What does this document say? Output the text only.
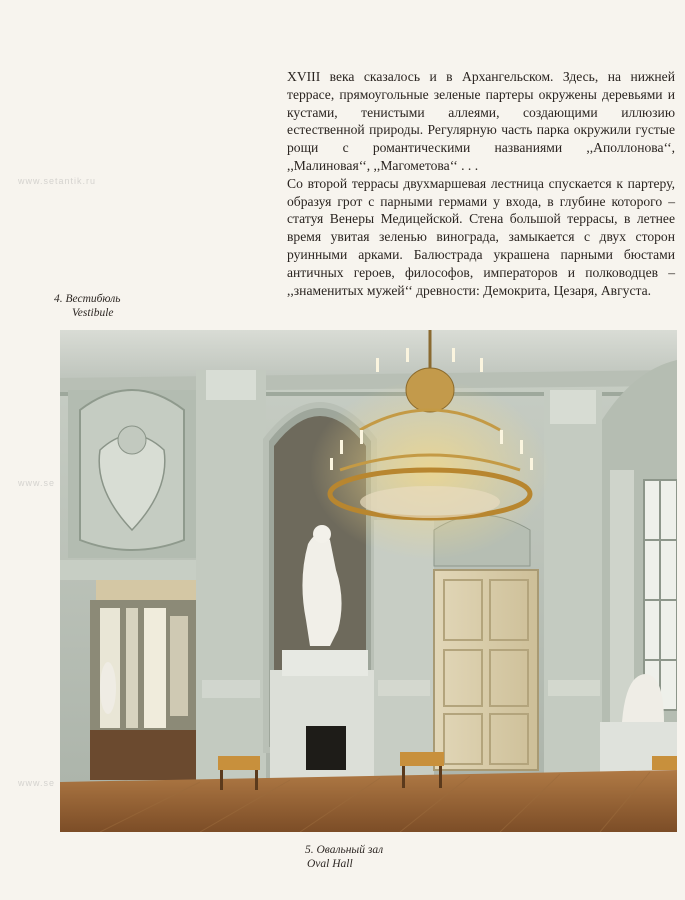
www.setantik.ru
www.se
www.se

XVIII века сказалось и в Архангельском. Здесь, на нижней террасе, прямоугольные зеленые партеры окружены деревьями и кустами, тенистыми аллеями, создающими иллюзию естественной природы. Регулярную часть парка окружили густые рощи с романтическими названиями ,,Аполлонова‘‘, ,,Малиновая‘‘, ,,Магометова‘‘ . . .

Со второй террасы двухмаршевая лестница спускается к партеру, образуя грот с парными гермами у входа, в глубине которого – статуя Венеры Медицейской. Стена большой террасы, в летнее время увитая зеленью винограда, замыкается с двух сторон руинными арками. Балюстрада украшена парными бюстами античных героев, философов, императоров и полководцев – ,,знаменитых мужей‘‘ древности: Демокрита, Цезаря, Августа.

4. Вестибюль
Vestibule
5. Овальный зал
Oval Hall
